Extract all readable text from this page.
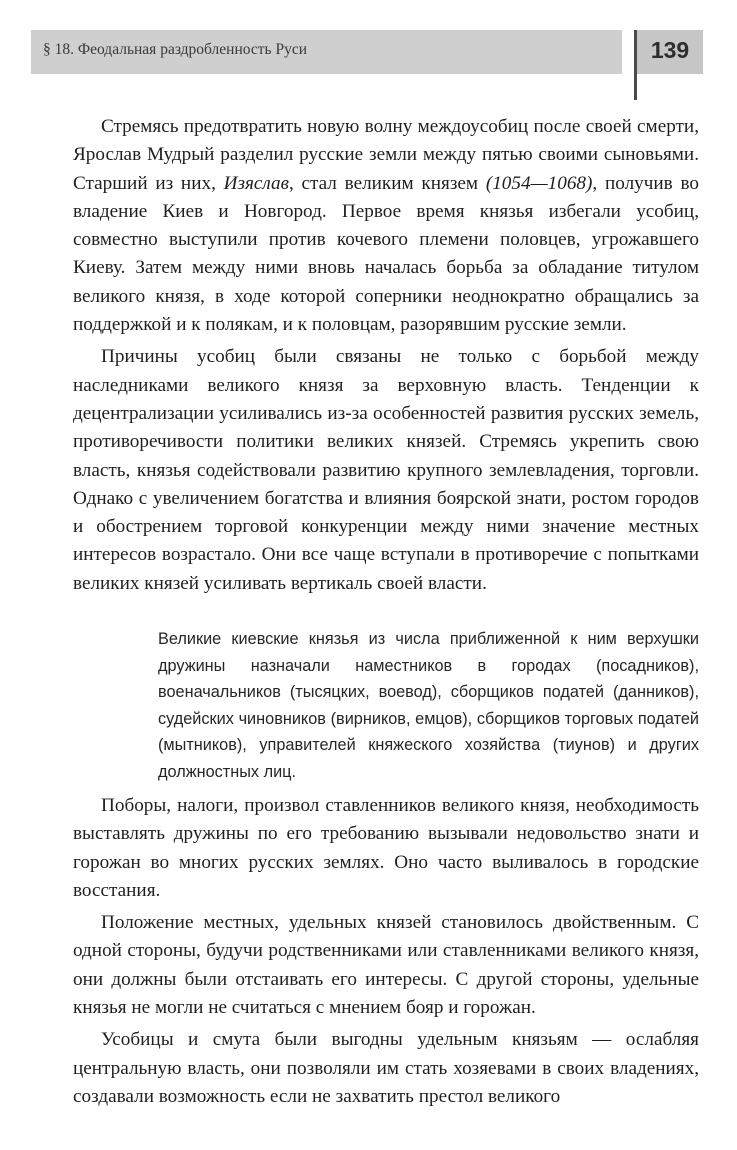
§ 18. Феодальная раздробленность Руси	139

Стремясь предотвратить новую волну междоусобиц после своей смерти, Ярослав Мудрый разделил русские земли между пятью своими сыновьями. Старший из них, Изяслав, стал великим князем (1054—1068), получив во владение Киев и Новгород. Первое время князья избегали усобиц, совместно выступили против кочевого племени половцев, угрожавшего Киеву. Затем между ними вновь началась борьба за обладание титулом великого князя, в ходе которой соперники неоднократно обращались за поддержкой и к полякам, и к половцам, разорявшим русские земли.

Причины усобиц были связаны не только с борьбой между наследниками великого князя за верховную власть. Тенденции к децентрализации усиливались из-за особенностей развития русских земель, противоречивости политики великих князей. Стремясь укрепить свою власть, князья содействовали развитию крупного землевладения, торговли. Однако с увеличением богатства и влияния боярской знати, ростом городов и обострением торговой конкуренции между ними значение местных интересов возрастало. Они все чаще вступали в противоречие с попытками великих князей усиливать вертикаль своей власти.

Великие киевские князья из числа приближенной к ним верхушки дружины назначали наместников в городах (посадников), военачальников (тысяцких, воевод), сборщиков податей (данников), судейских чиновников (вирников, емцов), сборщиков торговых податей (мытников), управителей княжеского хозяйства (тиунов) и других должностных лиц.

Поборы, налоги, произвол ставленников великого князя, необходимость выставлять дружины по его требованию вызывали недовольство знати и горожан во многих русских землях. Оно часто выливалось в городские восстания.

Положение местных, удельных князей становилось двойственным. С одной стороны, будучи родственниками или ставленниками великого князя, они должны были отстаивать его интересы. С другой стороны, удельные князья не могли не считаться с мнением бояр и горожан.

Усобицы и смута были выгодны удельным князьям — ослабляя центральную власть, они позволяли им стать хозяевами в своих владениях, создавали возможность если не захватить престол великого
